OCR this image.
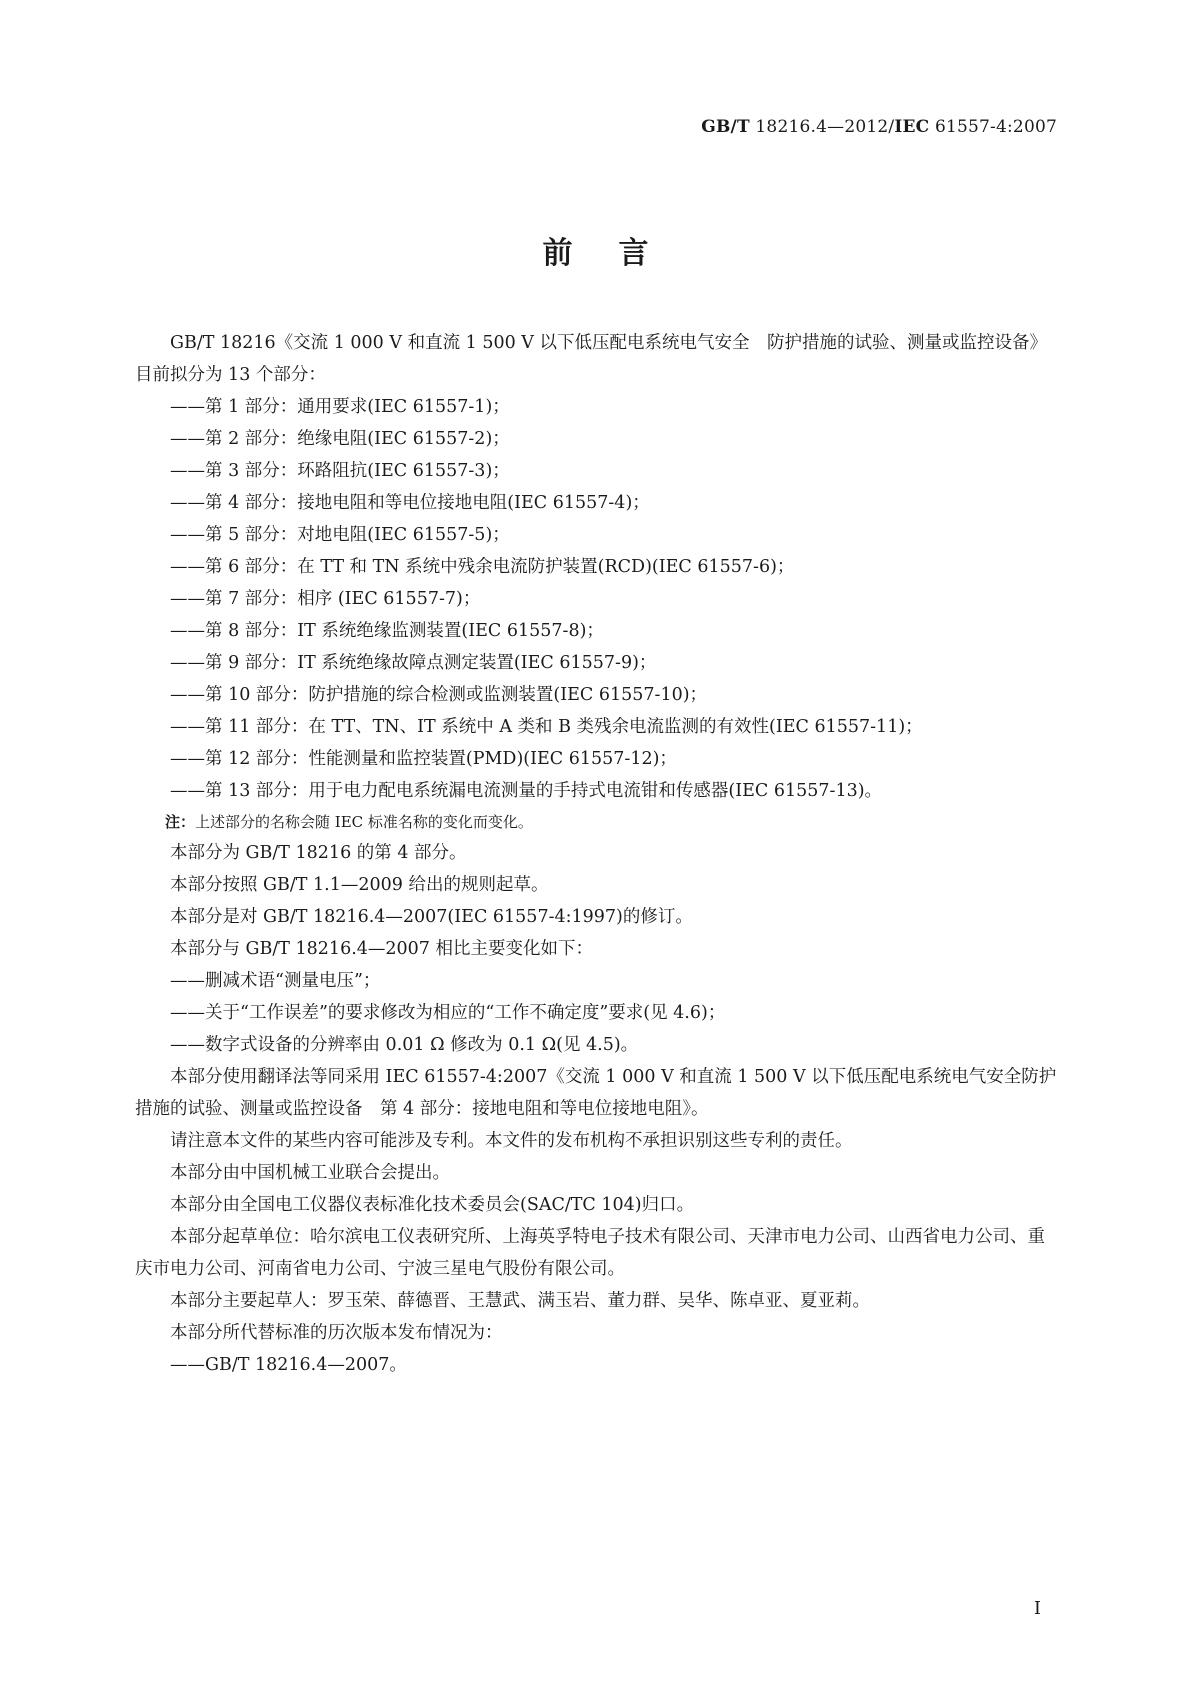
GB/T 18216.4—2012/IEC 61557-4:2007
前言

GB/T 18216《交流 1 000 V 和直流 1 500 V 以下低压配电系统电气安全　防护措施的试验、测量或监控设备》目前拟分为 13 个部分：

——第 1 部分：通用要求(IEC 61557-1)；

——第 2 部分：绝缘电阻(IEC 61557-2)；

——第 3 部分：环路阻抗(IEC 61557-3)；

——第 4 部分：接地电阻和等电位接地电阻(IEC 61557-4)；

——第 5 部分：对地电阻(IEC 61557-5)；

——第 6 部分：在 TT 和 TN 系统中残余电流防护装置(RCD)(IEC 61557-6)；

——第 7 部分：相序 (IEC 61557-7)；

——第 8 部分：IT 系统绝缘监测装置(IEC 61557-8)；

——第 9 部分：IT 系统绝缘故障点测定装置(IEC 61557-9)；

——第 10 部分：防护措施的综合检测或监测装置(IEC 61557-10)；

——第 11 部分：在 TT、TN、IT 系统中 A 类和 B 类残余电流监测的有效性(IEC 61557-11)；

——第 12 部分：性能测量和监控装置(PMD)(IEC 61557-12)；

——第 13 部分：用于电力配电系统漏电流测量的手持式电流钳和传感器(IEC 61557-13)。

注：上述部分的名称会随 IEC 标准名称的变化而变化。

本部分为 GB/T 18216 的第 4 部分。

本部分按照 GB/T 1.1—2009 给出的规则起草。

本部分是对 GB/T 18216.4—2007(IEC 61557-4:1997)的修订。

本部分与 GB/T 18216.4—2007 相比主要变化如下：

——删减术语“测量电压”；

——关于“工作误差”的要求修改为相应的“工作不确定度”要求(见 4.6)；

——数字式设备的分辨率由 0.01 Ω 修改为 0.1 Ω(见 4.5)。

本部分使用翻译法等同采用 IEC 61557-4:2007《交流 1 000 V 和直流 1 500 V 以下低压配电系统电气安全防护措施的试验、测量或监控设备　第 4 部分：接地电阻和等电位接地电阻》。

请注意本文件的某些内容可能涉及专利。本文件的发布机构不承担识别这些专利的责任。

本部分由中国机械工业联合会提出。

本部分由全国电工仪器仪表标准化技术委员会(SAC/TC 104)归口。

本部分起草单位：哈尔滨电工仪表研究所、上海英孚特电子技术有限公司、天津市电力公司、山西省电力公司、重庆市电力公司、河南省电力公司、宁波三星电气股份有限公司。

本部分主要起草人：罗玉荣、薛德晋、王慧武、满玉岩、董力群、吴华、陈卓亚、夏亚莉。

本部分所代替标准的历次版本发布情况为：

——GB/T 18216.4—2007。

I
